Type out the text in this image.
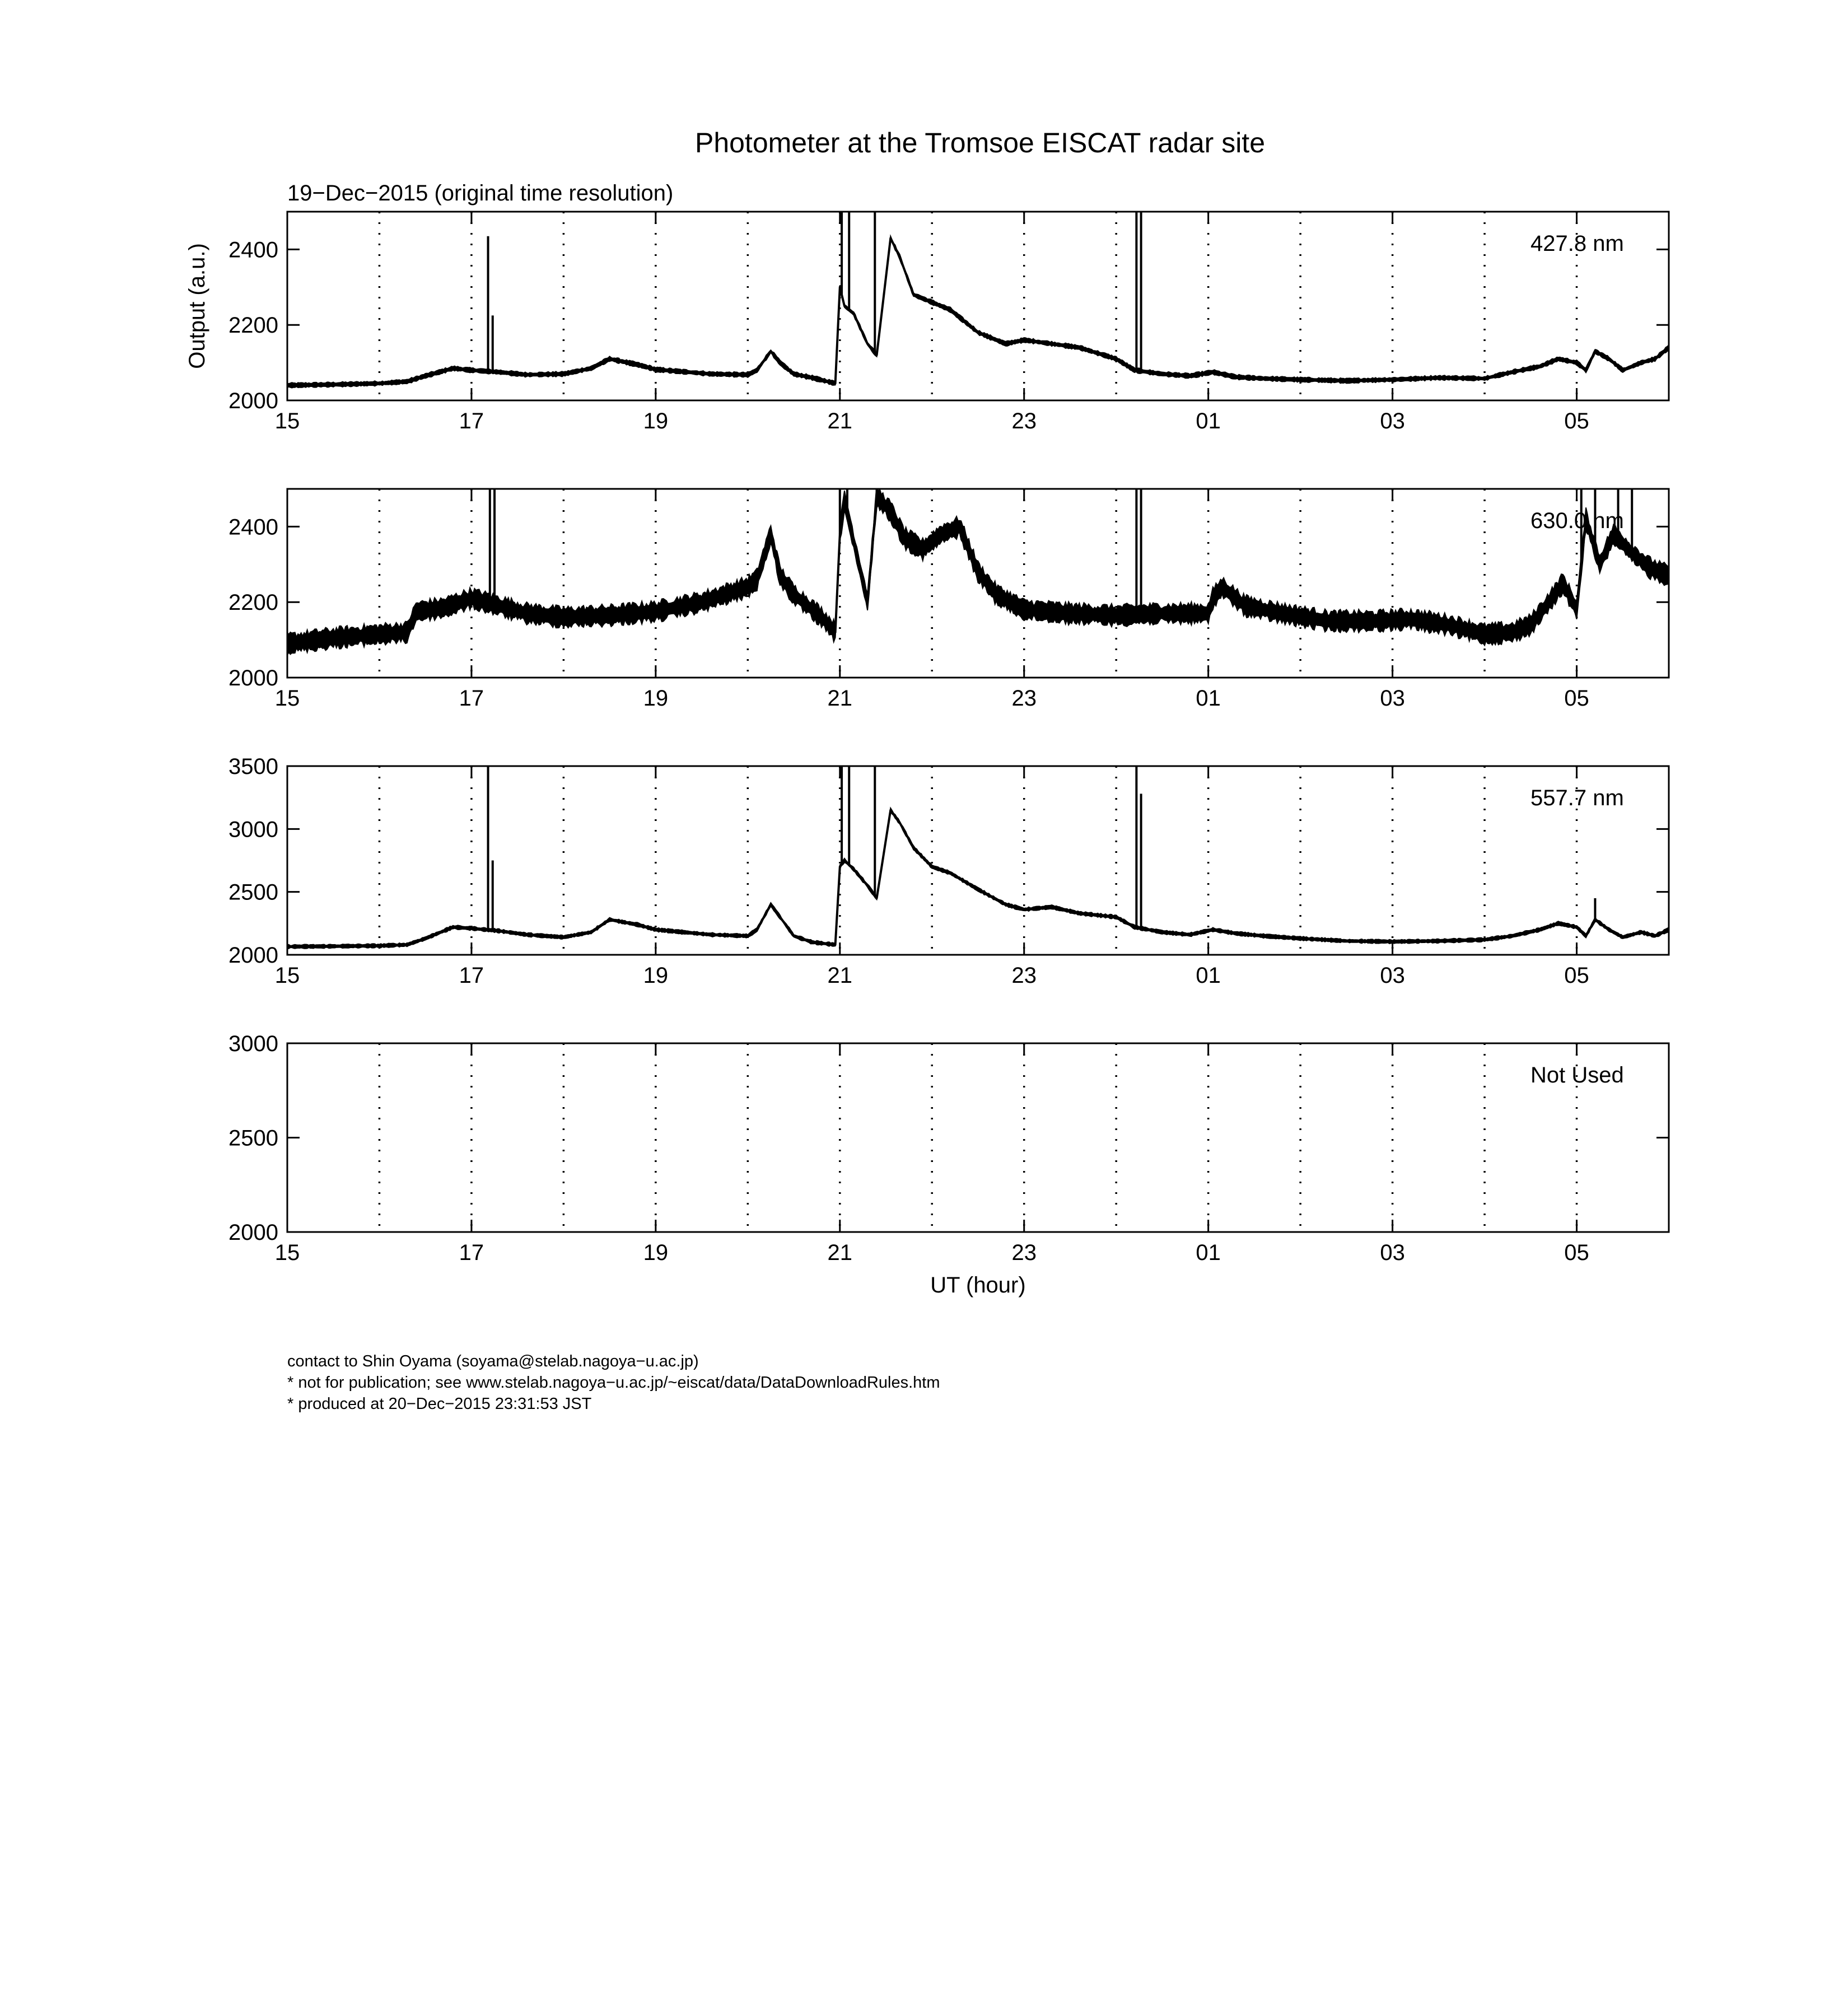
Photometer at the Tromsoe EISCAT radar site
19−Dec−2015 (original time resolution)
2000
2200
2400
15	17	19	21	23	01	03	05
427.8 nm
Output (a.u.)
2000
2200
2400
15	17	19	21	23	01	03	05
630.0 nm
2000
2500
3000
3500
15	17	19	21	23	01	03	05
557.7 nm
2000
2500
3000
15	17	19	21	23	01	03	05
Not Used
UT (hour)
contact to Shin Oyama (soyama@stelab.nagoya−u.ac.jp)
* not for publication; see www.stelab.nagoya−u.ac.jp/~eiscat/data/DataDownloadRules.htm
* produced at 20−Dec−2015 23:31:53 JST
